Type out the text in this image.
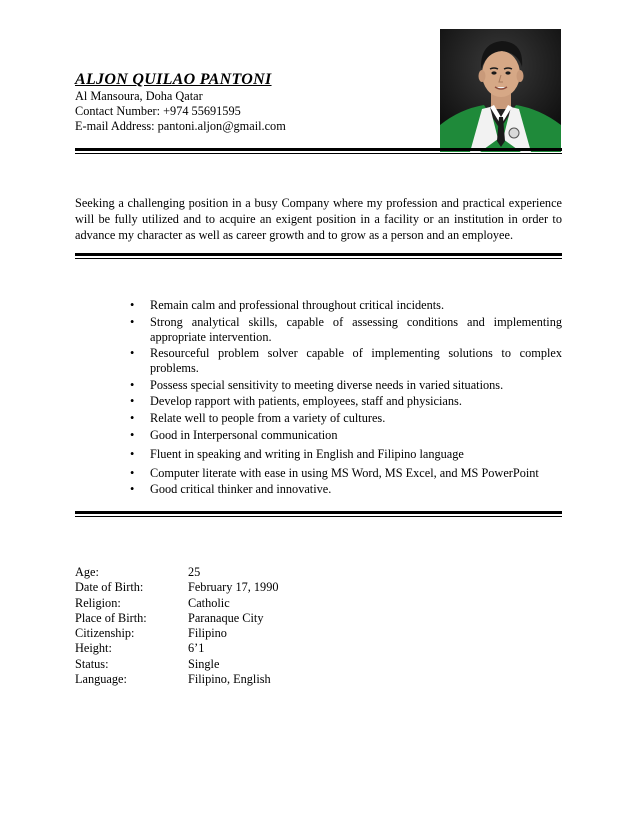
ALJON QUILAO PANTONI
Al Mansoura, Doha Qatar
Contact Number: +974 55691595
E-mail Address: pantoni.aljon@gmail.com
Seeking a challenging position in a busy Company where my profession and practical experience will be fully utilized and to acquire an exigent position in a facility or an institution in order to advance my character as well as career growth and to grow as a person and an employee.
• Remain calm and professional throughout critical incidents.
• Strong analytical skills, capable of assessing conditions and implementing appropriate intervention.
• Resourceful problem solver capable of implementing solutions to complex problems.
• Possess special sensitivity to meeting diverse needs in varied situations.
• Develop rapport with patients, employees, staff and physicians.
• Relate well to people from a variety of cultures.
• Good in Interpersonal communication
• Fluent in speaking and writing in English and Filipino language
• Computer literate with ease in using MS Word, MS Excel, and MS PowerPoint
• Good critical thinker and innovative.
Age:	25
Date of Birth:	February 17, 1990
Religion:	Catholic
Place of Birth:	Paranaque City
Citizenship:	Filipino
Height:	6’1
Status:	Single
Language:	Filipino, English
